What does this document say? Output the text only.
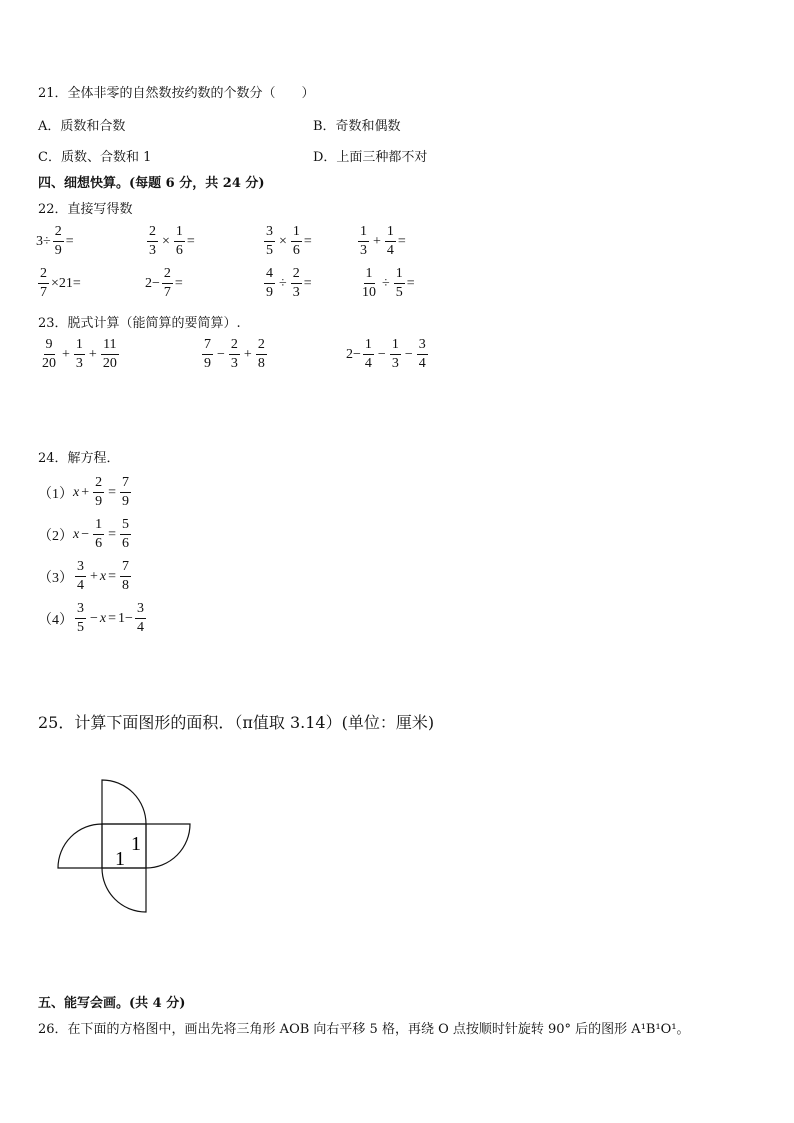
21．全体非零的自然数按约数的个数分（　　）
A．质数和合数	B．奇数和偶数
C．质数、合数和 1	D．上面三种都不对
四、细想快算。(每题 6 分，共 24 分)
22．直接写得数
$3\div \frac{2}{9}$ =	$\frac{2}{3} \times \frac{1}{6}$ =	$\frac{3}{5} \times \frac{1}{6}$ =	$\frac{1}{3} + \frac{1}{4}$ =
$\frac{2}{7} \times 21=$	$2- \frac{2}{7}$ =	$\frac{4}{9} \div \frac{2}{3}$ =	$\frac{1}{10} \div \frac{1}{5}$ =
23．脱式计算（能简算的要简算）.
$\frac{9}{20} + \frac{1}{3} + \frac{11}{20}$	$\frac{7}{9} - \frac{2}{3} + \frac{2}{8}$	$2- \frac{1}{4} - \frac{1}{3} - \frac{3}{4}$
24．解方程．
（1） $x + \frac{2}{9} = \frac{7}{9}$
（2） $x - \frac{1}{6} = \frac{5}{6}$
$(3) \frac{3}{4} + x = \frac{7}{8}$
$(4) \frac{3}{5} - x = 1- \frac{3}{4}$
25．计算下面图形的面积．（π值取 3.14）(单位：厘米)
1
1
五、能写会画。(共 4 分)
26．在下面的方格图中，画出先将三角形 AOB 向右平移 5 格，再绕 O 点按顺时针旋转 90° 后的图形 A¹B¹O¹。
